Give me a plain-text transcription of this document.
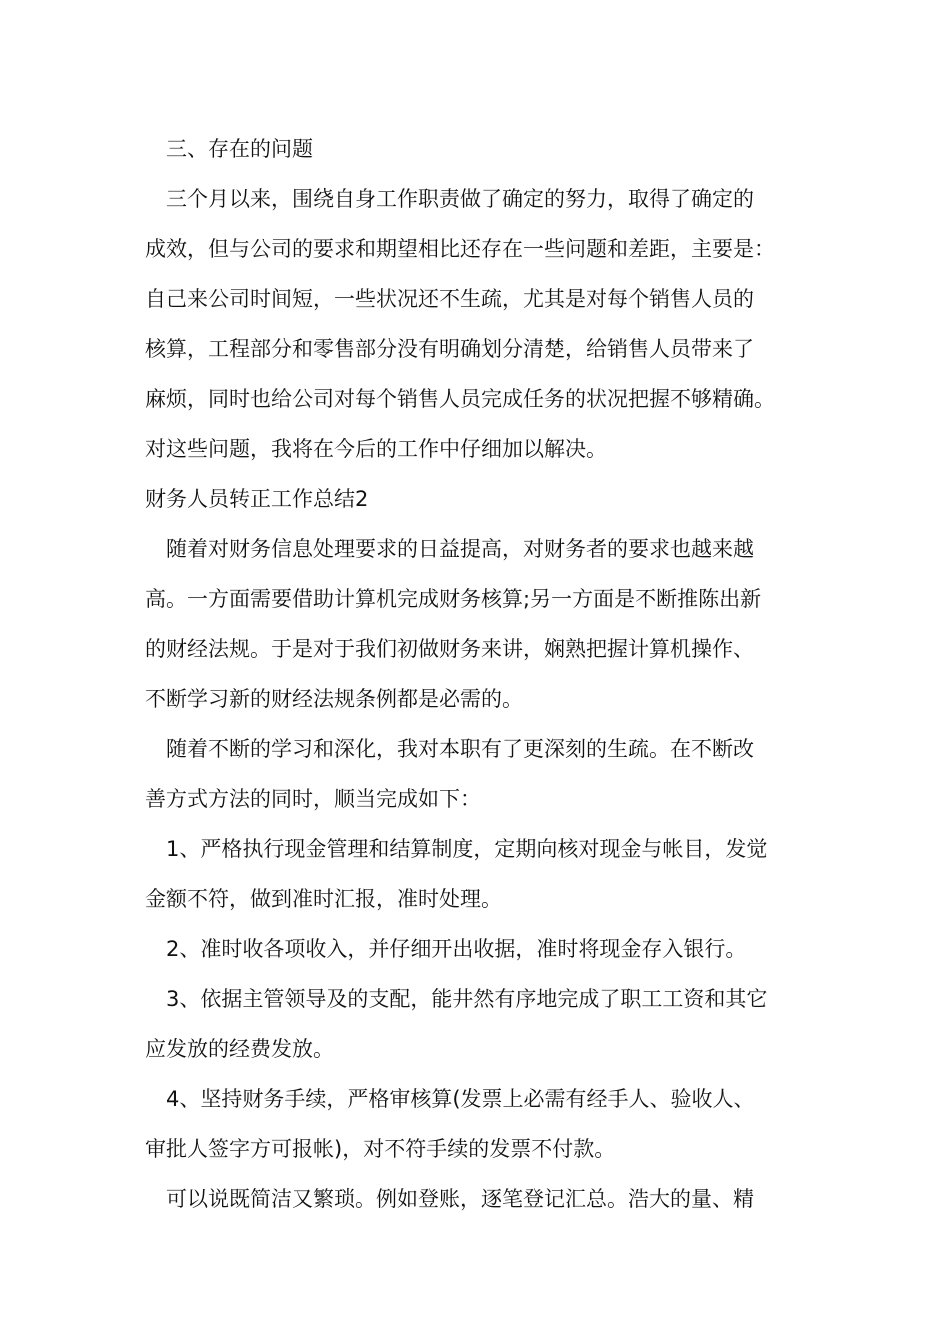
　三、存在的问题

　三个月以来，围绕自身工作职责做了确定的努力，取得了确定的

成效，但与公司的要求和期望相比还存在一些问题和差距，主要是：

自己来公司时间短，一些状况还不生疏，尤其是对每个销售人员的

核算，工程部分和零售部分没有明确划分清楚，给销售人员带来了

麻烦，同时也给公司对每个销售人员完成任务的状况把握不够精确。

对这些问题，我将在今后的工作中仔细加以解决。

财务人员转正工作总结2

　随着对财务信息处理要求的日益提高，对财务者的要求也越来越

高。一方面需要借助计算机完成财务核算;另一方面是不断推陈出新

的财经法规。于是对于我们初做财务来讲，娴熟把握计算机操作、

不断学习新的财经法规条例都是必需的。

　随着不断的学习和深化，我对本职有了更深刻的生疏。在不断改

善方式方法的同时，顺当完成如下：

　1、严格执行现金管理和结算制度，定期向核对现金与帐目，发觉

金额不符，做到准时汇报，准时处理。

　2、准时收各项收入，并仔细开出收据，准时将现金存入银行。

　3、依据主管领导及的支配，能井然有序地完成了职工工资和其它

应发放的经费发放。

　4、坚持财务手续，严格审核算(发票上必需有经手人、验收人、

审批人签字方可报帐)，对不符手续的发票不付款。

　可以说既简洁又繁琐。例如登账，逐笔登记汇总。浩大的量、精
